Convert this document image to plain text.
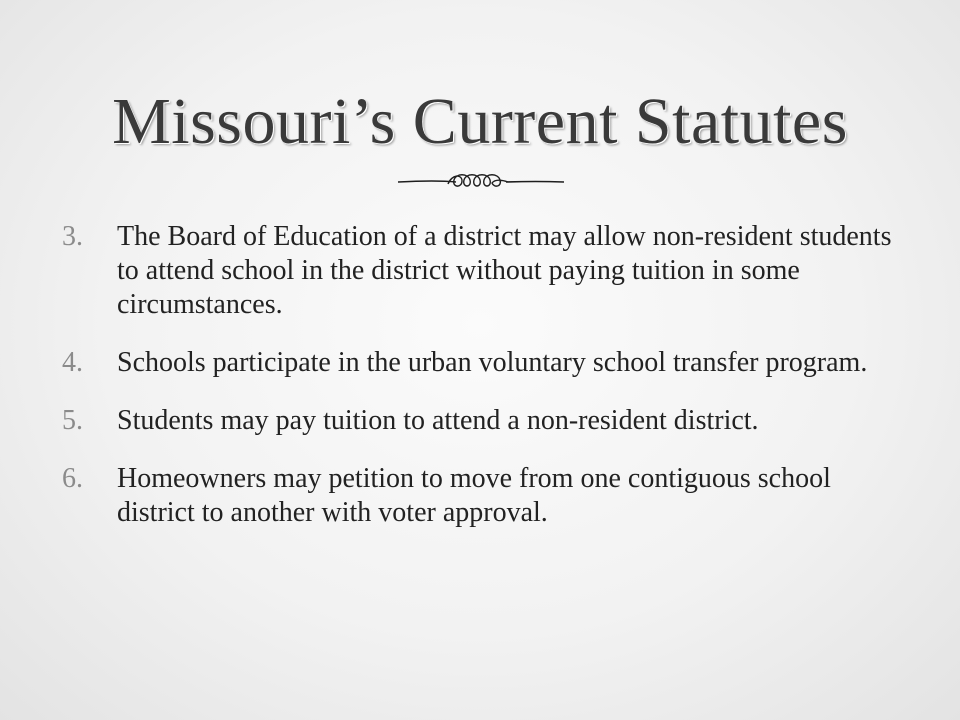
Missouri’s Current Statutes
3.	The Board of Education of a district may allow non-resident students to attend school in the district without paying tuition in some circumstances.
4.	Schools participate in the urban voluntary school transfer program.
5.	Students may pay tuition to attend a non-resident district.
6.	Homeowners may petition to move from one contiguous school district to another with voter approval.
